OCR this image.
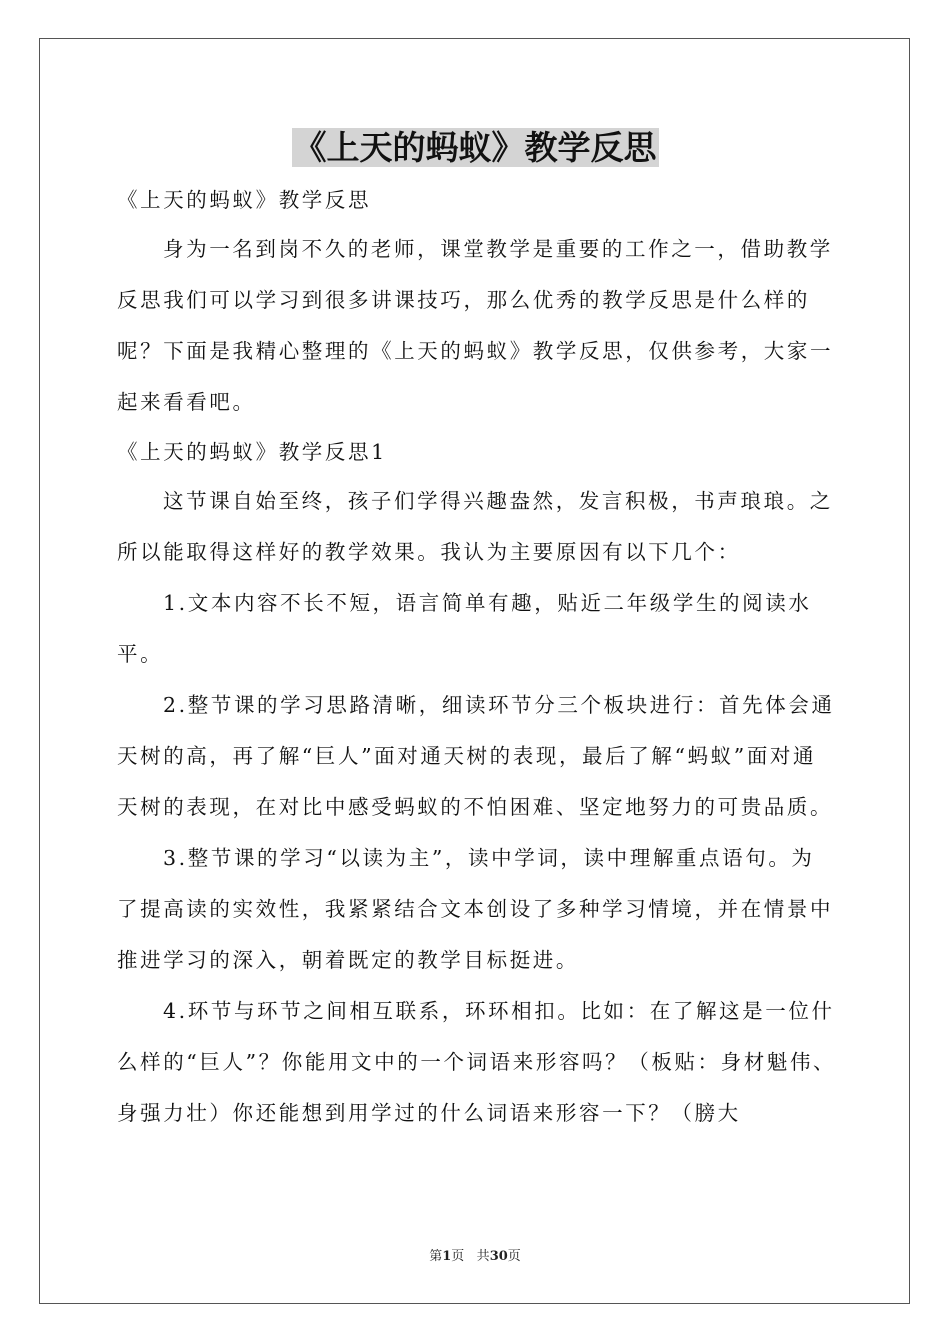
《上天的蚂蚁》教学反思

《上天的蚂蚁》教学反思

身为一名到岗不久的老师，课堂教学是重要的工作之一，借助教学反思我们可以学习到很多讲课技巧，那么优秀的教学反思是什么样的呢？下面是我精心整理的《上天的蚂蚁》教学反思，仅供参考，大家一起来看看吧。

《上天的蚂蚁》教学反思1

这节课自始至终，孩子们学得兴趣盎然，发言积极，书声琅琅。之所以能取得这样好的教学效果。我认为主要原因有以下几个：

1.文本内容不长不短，语言简单有趣，贴近二年级学生的阅读水平。

2.整节课的学习思路清晰，细读环节分三个板块进行：首先体会通天树的高，再了解“巨人”面对通天树的表现，最后了解“蚂蚁”面对通天树的表现，在对比中感受蚂蚁的不怕困难、坚定地努力的可贵品质。

3.整节课的学习“以读为主”，读中学词，读中理解重点语句。为了提高读的实效性，我紧紧结合文本创设了多种学习情境，并在情景中推进学习的深入，朝着既定的教学目标挺进。

4.环节与环节之间相互联系，环环相扣。比如：在了解这是一位什么样的“巨人”？你能用文中的一个词语来形容吗？（板贴：身材魁伟、身强力壮）你还能想到用学过的什么词语来形容一下？（膀大

第1页 共30页
